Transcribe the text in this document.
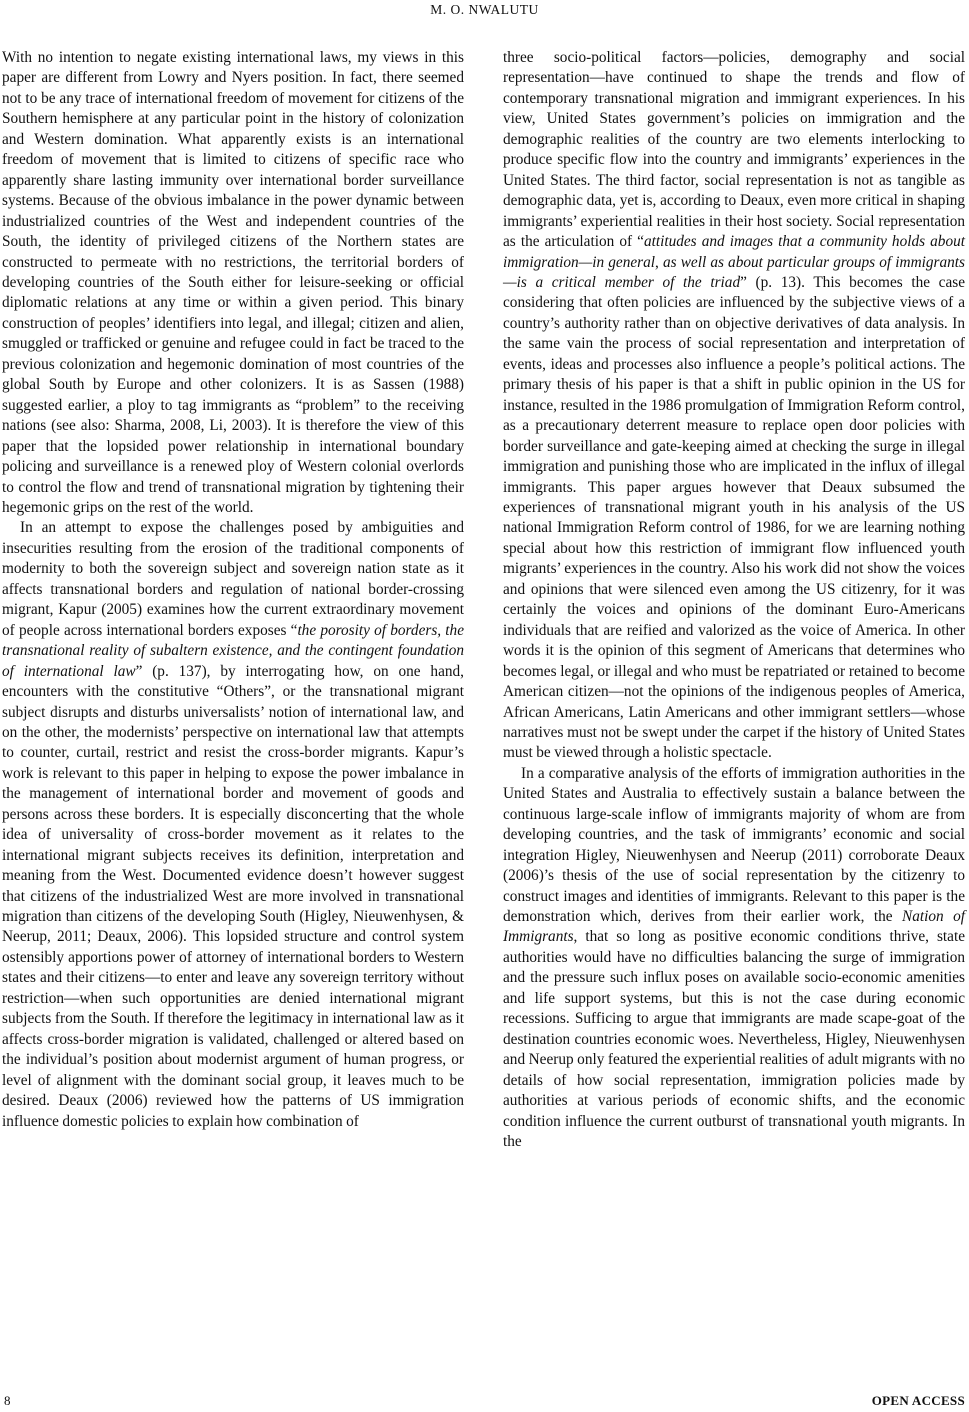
M. O. NWALUTU

With no intention to negate existing international laws, my views in this paper are different from Lowry and Nyers position. In fact, there seemed not to be any trace of international freedom of movement for citizens of the Southern hemisphere at any particular point in the history of colonization and Western domination. What apparently exists is an international freedom of movement that is limited to citizens of specific race who apparently share lasting immunity over international border surveillance systems. Because of the obvious imbalance in the power dynamic between industrialized countries of the West and independent countries of the South, the identity of privileged citizens of the Northern states are constructed to permeate with no restrictions, the territorial borders of developing countries of the South either for leisure-seeking or official diplomatic relations at any time or within a given period. This binary construction of peoples’ identifiers into legal, and illegal; citizen and alien, smuggled or trafficked or genuine and refugee could in fact be traced to the previous colonization and hegemonic domination of most countries of the global South by Europe and other colonizers. It is as Sassen (1988) suggested earlier, a ploy to tag immigrants as “problem” to the receiving nations (see also: Sharma, 2008, Li, 2003). It is therefore the view of this paper that the lopsided power relationship in international boundary policing and surveillance is a renewed ploy of Western colonial overlords to control the flow and trend of transnational migration by tightening their hegemonic grips on the rest of the world.

In an attempt to expose the challenges posed by ambiguities and insecurities resulting from the erosion of the traditional components of modernity to both the sovereign subject and sovereign nation state as it affects transnational borders and regulation of national border-crossing migrant, Kapur (2005) examines how the current extraordinary movement of people across international borders exposes “the porosity of borders, the transnational reality of subaltern existence, and the contingent foundation of international law” (p. 137), by interrogating how, on one hand, encounters with the constitutive “Others”, or the transnational migrant subject disrupts and disturbs universalists’ notion of international law, and on the other, the modernists’ perspective on international law that attempts to counter, curtail, restrict and resist the cross-border migrants. Kapur’s work is relevant to this paper in helping to expose the power imbalance in the management of international border and movement of goods and persons across these borders. It is especially disconcerting that the whole idea of universality of cross-border movement as it relates to the international migrant subjects receives its definition, interpretation and meaning from the West. Documented evidence doesn’t however suggest that citizens of the industrialized West are more involved in transnational migration than citizens of the developing South (Higley, Nieuwenhysen, & Neerup, 2011; Deaux, 2006). This lopsided structure and control system ostensibly apportions power of attorney of international borders to Western states and their citizens—to enter and leave any sovereign territory without restriction—when such opportunities are denied international migrant subjects from the South. If therefore the legitimacy in international law as it affects cross-border migration is validated, challenged or altered based on the individual’s position about modernist argument of human progress, or level of alignment with the dominant social group, it leaves much to be desired. Deaux (2006) reviewed how the patterns of US immigration influence domestic policies to explain how combination of

three socio-political factors—policies, demography and social representation—have continued to shape the trends and flow of contemporary transnational migration and immigrant experiences. In his view, United States government’s policies on immigration and the demographic realities of the country are two elements interlocking to produce specific flow into the country and immigrants’ experiences in the United States. The third factor, social representation is not as tangible as demographic data, yet is, according to Deaux, even more critical in shaping immigrants’ experiential realities in their host society. Social representation as the articulation of “attitudes and images that a community holds about immigration—in general, as well as about particular groups of immigrants—is a critical member of the triad” (p. 13). This becomes the case considering that often policies are influenced by the subjective views of a country’s authority rather than on objective derivatives of data analysis. In the same vain the process of social representation and interpretation of events, ideas and processes also influence a people’s political actions. The primary thesis of his paper is that a shift in public opinion in the US for instance, resulted in the 1986 promulgation of Immigration Reform control, as a precautionary deterrent measure to replace open door policies with border surveillance and gate-keeping aimed at checking the surge in illegal immigration and punishing those who are implicated in the influx of illegal immigrants. This paper argues however that Deaux subsumed the experiences of transnational migrant youth in his analysis of the US national Immigration Reform control of 1986, for we are learning nothing special about how this restriction of immigrant flow influenced youth migrants’ experiences in the country. Also his work did not show the voices and opinions that were silenced even among the US citizenry, for it was certainly the voices and opinions of the dominant Euro-Americans individuals that are reified and valorized as the voice of America. In other words it is the opinion of this segment of Americans that determines who becomes legal, or illegal and who must be repatriated or retained to become American citizen—not the opinions of the indigenous peoples of America, African Americans, Latin Americans and other immigrant settlers—whose narratives must not be swept under the carpet if the history of United States must be viewed through a holistic spectacle.

In a comparative analysis of the efforts of immigration authorities in the United States and Australia to effectively sustain a balance between the continuous large-scale inflow of immigrants majority of whom are from developing countries, and the task of immigrants’ economic and social integration Higley, Nieuwenhysen and Neerup (2011) corroborate Deaux (2006)’s thesis of the use of social representation by the citizenry to construct images and identities of immigrants. Relevant to this paper is the demonstration which, derives from their earlier work, the Nation of Immigrants, that so long as positive economic conditions thrive, state authorities would have no difficulties balancing the surge of immigration and the pressure such influx poses on available socio-economic amenities and life support systems, but this is not the case during economic recessions. Sufficing to argue that immigrants are made scape-goat of the destination countries economic woes. Nevertheless, Higley, Nieuwenhysen and Neerup only featured the experiential realities of adult migrants with no details of how social representation, immigration policies made by authorities at various periods of economic shifts, and the economic condition influence the current outburst of transnational youth migrants. In the

8	OPEN ACCESS
